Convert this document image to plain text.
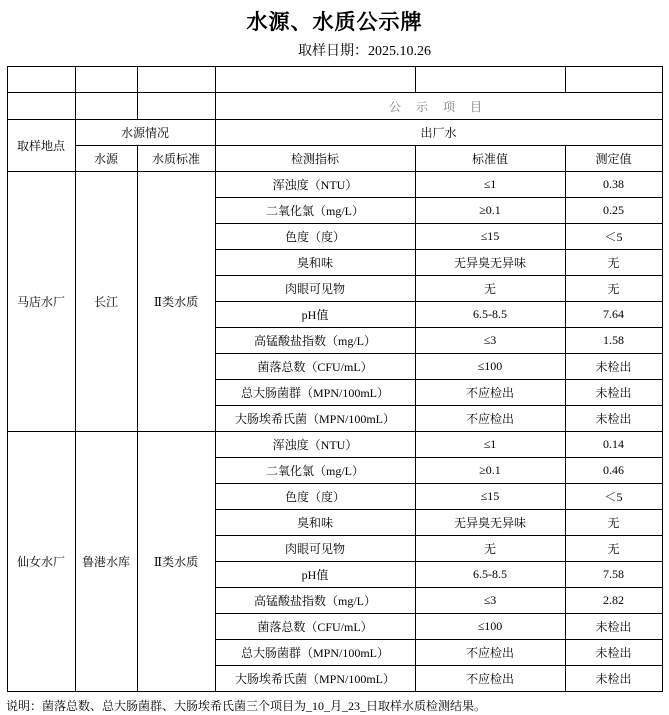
水源、水质公示牌
取样日期：2025.10.26

			公 示 项 目		
取样地点	水源情况		出厂水		
	水源	水质标准	检测指标	标准值	测定值
马店水厂	长江	Ⅱ类水质	浑浊度（NTU）	≤1	0.38
			二氧化氯（mg/L）	≥0.1	0.25
			色度（度）	≤15	＜5
			臭和味	无异臭无异味	无
			肉眼可见物	无	无
			pH值	6.5-8.5	7.64
			高锰酸盐指数（mg/L）	≤3	1.58
			菌落总数（CFU/mL）	≤100	未检出
			总大肠菌群（MPN/100mL）	不应检出	未检出
			大肠埃希氏菌（MPN/100mL）	不应检出	未检出
仙女水厂	鲁港水库	Ⅱ类水质	浑浊度（NTU）	≤1	0.14
			二氧化氯（mg/L）	≥0.1	0.46
			色度（度）	≤15	＜5
			臭和味	无异臭无异味	无
			肉眼可见物	无	无
			pH值	6.5-8.5	7.58
			高锰酸盐指数（mg/L）	≤3	2.82
			菌落总数（CFU/mL）	≤100	未检出
			总大肠菌群（MPN/100mL）	不应检出	未检出
			大肠埃希氏菌（MPN/100mL）	不应检出	未检出
说明：菌落总数、总大肠菌群、大肠埃希氏菌三个项目为_10_月_23_日取样水质检测结果。
